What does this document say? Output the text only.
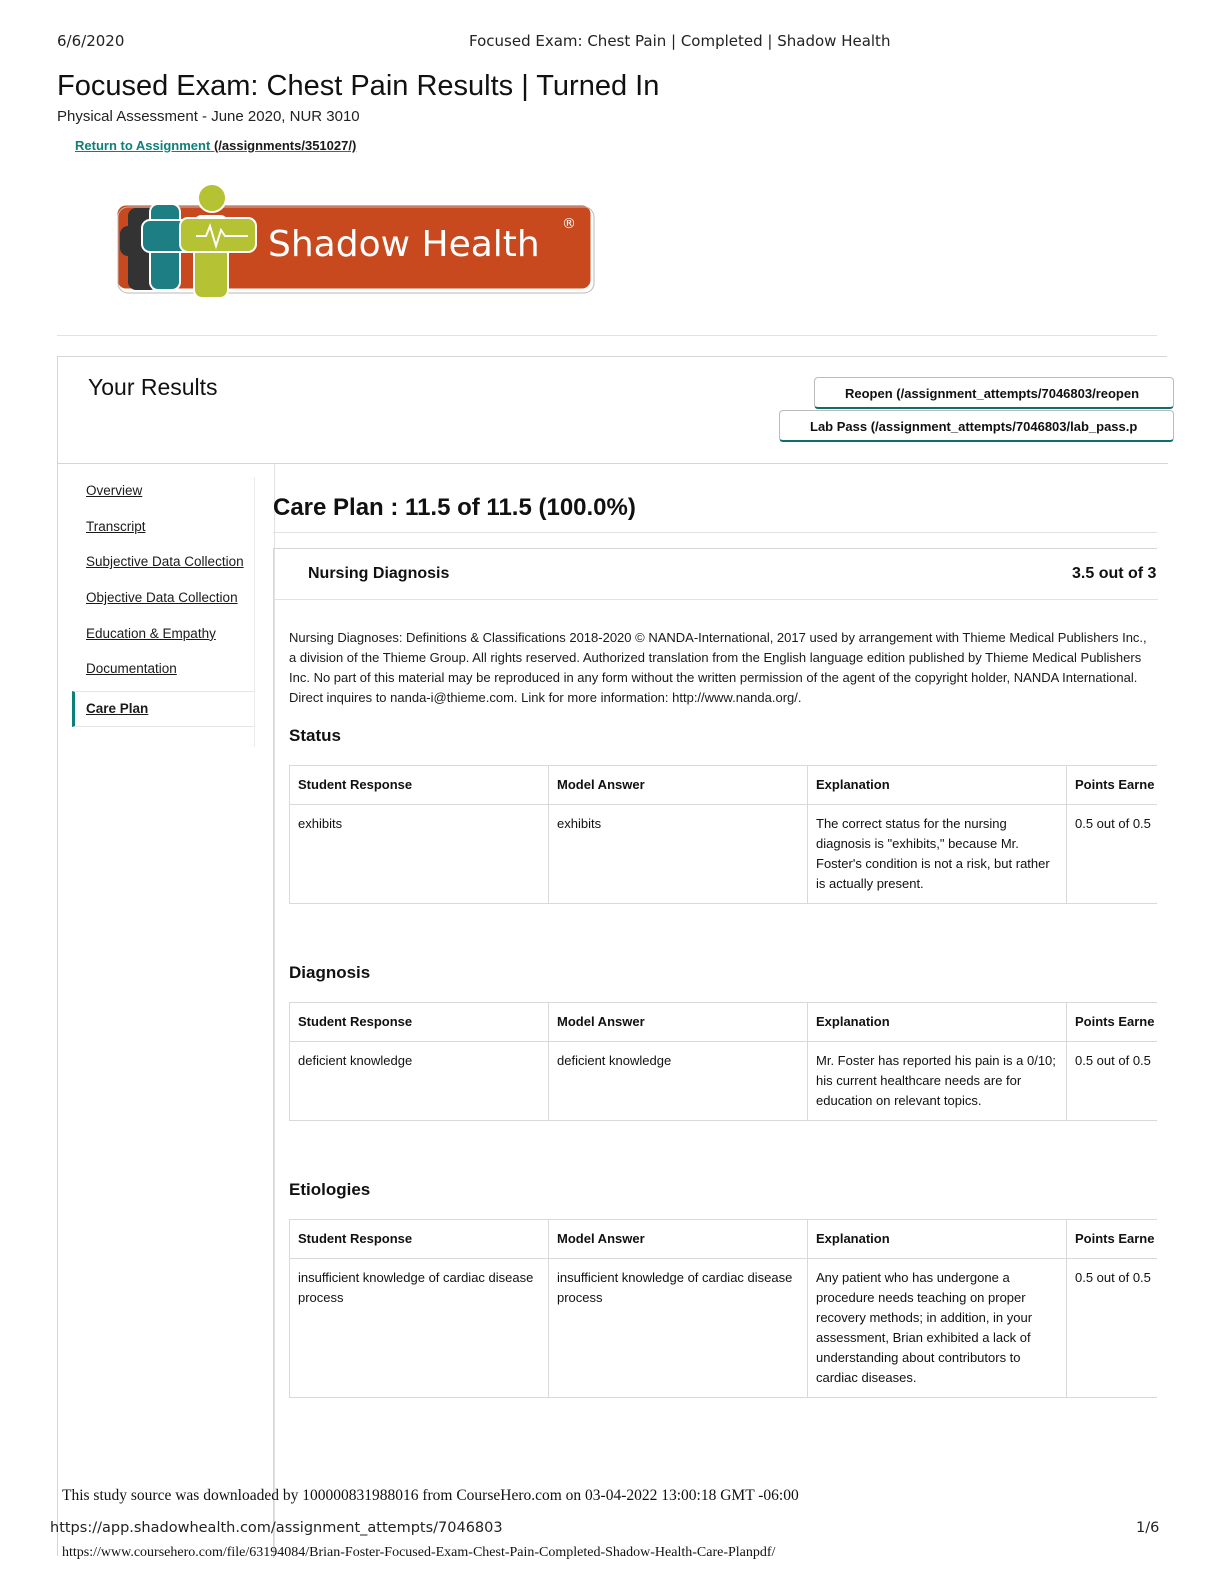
6/6/2020	Focused Exam: Chest Pain | Completed | Shadow Health
Focused Exam: Chest Pain Results | Turned In
Physical Assessment - June 2020, NUR 3010
Return to Assignment (/assignments/351027/)
Shadow Health ®
Your Results	Reopen (/assignment_attempts/7046803/reopen
Lab Pass (/assignment_attempts/7046803/lab_pass.p
Overview
Transcript
Subjective Data Collection
Objective Data Collection
Education & Empathy
Documentation
Care Plan
Care Plan : 11.5 of 11.5 (100.0%)
Nursing Diagnosis	3.5 out of 3

Nursing Diagnoses: Definitions & Classifications 2018-2020 © NANDA-International, 2017 used by arrangement with Thieme Medical Publishers Inc., a division of the Thieme Group. All rights reserved. Authorized translation from the English language edition published by Thieme Medical Publishers Inc. No part of this material may be reproduced in any form without the written permission of the agent of the copyright holder, NANDA International. Direct inquires to nanda-i@thieme.com. Link for more information: http://www.nanda.org/.

Status
Student Response	Model Answer	Explanation	Points Earne
exhibits	exhibits	The correct status for the nursing diagnosis is "exhibits," because Mr. Foster's condition is not a risk, but rather is actually present.	0.5 out of 0.5
Diagnosis
Student Response	Model Answer	Explanation	Points Earne
deficient knowledge	deficient knowledge	Mr. Foster has reported his pain is a 0/10; his current healthcare needs are for education on relevant topics.	0.5 out of 0.5
Etiologies
Student Response	Model Answer	Explanation	Points Earne
insufficient knowledge of cardiac disease process	insufficient knowledge of cardiac disease process	Any patient who has undergone a procedure needs teaching on proper recovery methods; in addition, in your assessment, Brian exhibited a lack of understanding about contributors to cardiac diseases.	0.5 out of 0.5
This study source was downloaded by 100000831988016 from CourseHero.com on 03-04-2022 13:00:18 GMT -06:00
https://app.shadowhealth.com/assignment_attempts/7046803	1/6
https://www.coursehero.com/file/63194084/Brian-Foster-Focused-Exam-Chest-Pain-Completed-Shadow-Health-Care-Planpdf/
